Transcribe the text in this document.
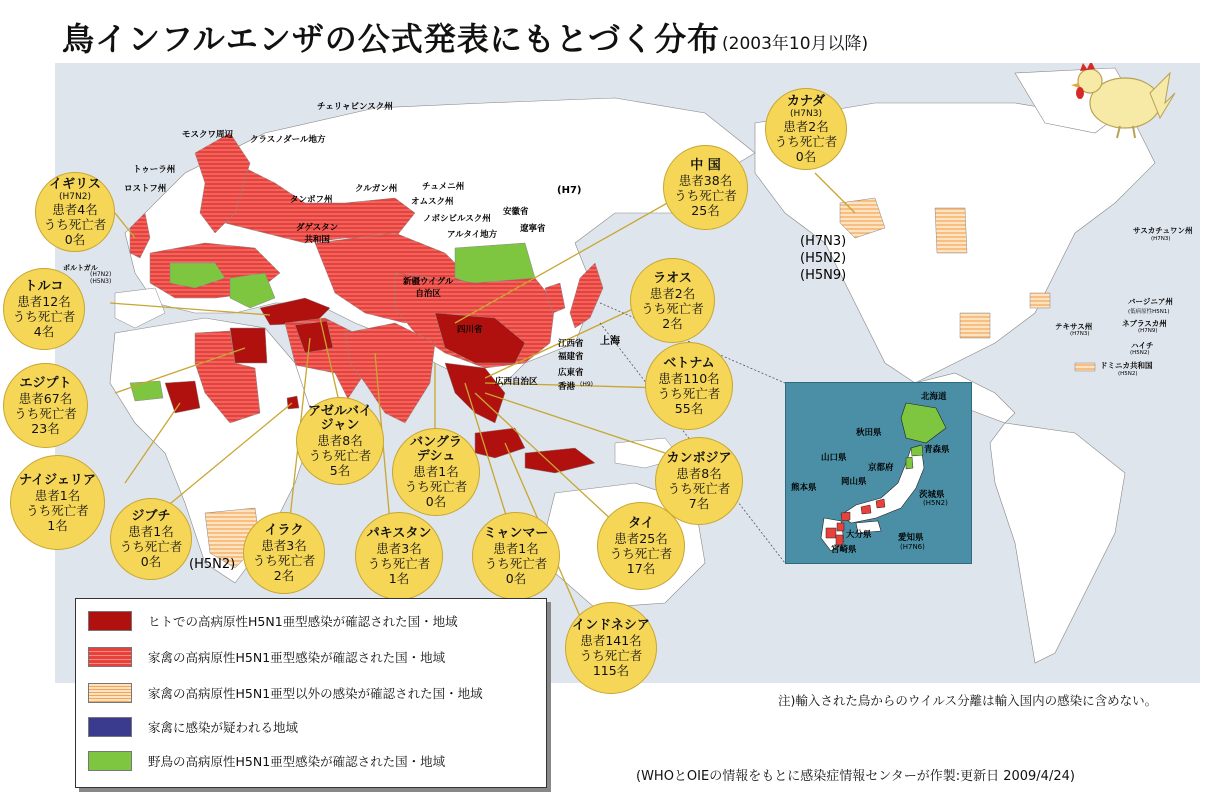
鳥インフルエンザの公式発表にもとづく分布 (2003年10月以降)
チェリャビンスク州
モスクワ周辺 クラスノダール地方
トゥーラ州
ロストフ州
タンボフ州
ダゲスタン
共和国
クルガン州	チュメニ州
オムスク州
ノボシビルスク州
アルタイ地方
安徽省
遼寧省
(H7)
新疆ウイグル
自治区
四川省
上海
江西省
福建省
広東省
香港 (H9)
広西自治区
ポルトガル
(H7N2)
(H5N3)
(H5N2)
(H7N3)
(H5N2)
(H5N9)
サスカチュワン州
(H7N3)
バージニア州
(低病原性H5N1)
ネブラスカ州
(H7N9)
テキサス州
(H7N3)
ハイチ
(H5N2)
ドミニカ共和国
(H5N2)
北海道
秋田県
青森県
山口県
京都府
岡山県
熊本県
茨城県
(H5N2)
大分県	愛知県
(H7N6)
宮崎県
イギリス
(H7N2)
患者4名
うち死亡者
0名
トルコ
患者12名
うち死亡者
4名
エジプト
患者67名
うち死亡者
23名
ナイジェリア
患者1名
うち死亡者
1名
ジブチ
患者1名
うち死亡者
0名
イラク
患者3名
うち死亡者
2名
アゼルバイ
ジャン
患者8名
うち死亡者
5名
パキスタン
患者3名
うち死亡者
1名
バングラ
デシュ
患者1名
うち死亡者
0名
ミャンマー
患者1名
うち死亡者
0名
インドネシア
患者141名
うち死亡者
115名
タイ
患者25名
うち死亡者
17名
カンボジア
患者8名
うち死亡者
7名
ベトナム
患者110名
うち死亡者
55名
ラオス
患者2名
うち死亡者
2名
中 国
患者38名
うち死亡者
25名
カナダ
(H7N3)
患者2名
うち死亡者
0名
ヒトでの高病原性H5N1亜型感染が確認された国・地域
家禽の高病原性H5N1亜型感染が確認された国・地域
家禽の高病原性H5N1亜型以外の感染が確認された国・地域
家禽に感染が疑われる地域
野鳥の高病原性H5N1亜型感染が確認された国・地域
注)輸入された鳥からのウイルス分離は輸入国内の感染に含めない。
(WHOとOIEの情報をもとに感染症情報センターが作製:更新日 2009/4/24)
